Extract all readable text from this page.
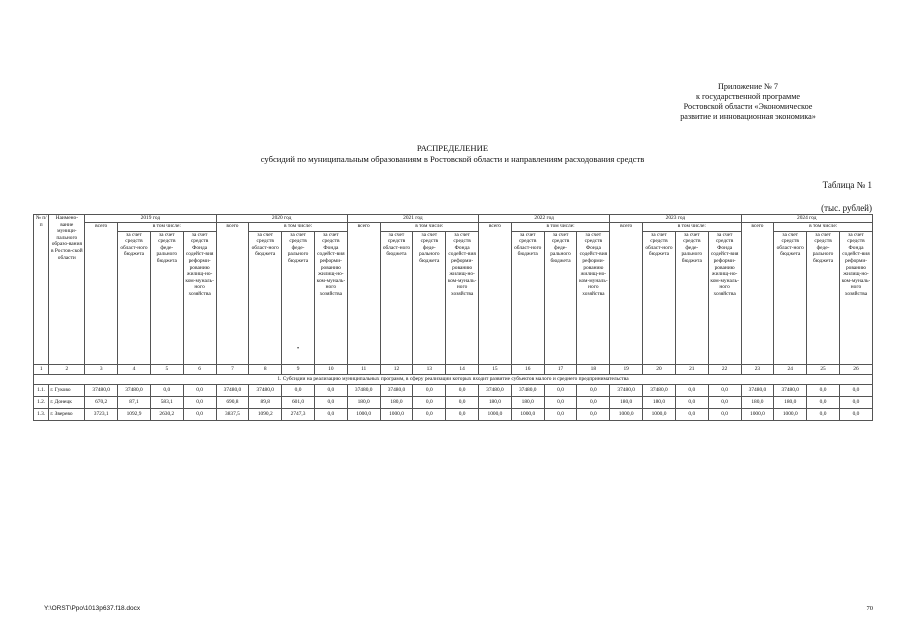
Приложение № 7
к государственной программе
Ростовской области «Экономическое
развитие и инновационная экономика»
РАСПРЕДЕЛЕНИЕ
субсидий по муниципальным образованиям в Ростовской области и направлениям расходования средств
Таблица № 1
(тыс. рублей)
№ п/п	Наимено-вание муници-пального образо-вания в Ростов-ской области	2019 год				2020 год				2021 год				2022 год				2023 год				2024 год			
		всего	в том числе:			всего	в том числе:			всего	в том числе:			всего	в том числе:			всего	в том числе:			всего	в том числе:		
			за счет средств област-ного бюджета	за счет средств феде-рального бюджета	за счет средств Фонда содейст-вия реформи-рованию жилищ-но-ком-муналь-ного хозяйства		за счет средств област-ного бюджета	за счет средств феде-рального бюджета	за счет средств Фонда содейст-вия реформи-рованию жилищ-но-ком-муналь-ного хозяйства		за счет средств област-ного бюджета	за счет средств феде-рального бюджета	за счет средств Фонда содейст-вия реформи-рованию жилищ-но-ком-муналь-ного хозяйства		за счет средств област-ного бюджета	за счет средств феде-рального бюджета	за счет средств Фонда содейст-вия реформи-рованию жилищ-но-ком-муналь-ного хозяйства		за счет средств област-ного бюджета	за счет средств феде-рального бюджета	за счет средств Фонда содейст-вия реформи-рованию жилищ-но-ком-муналь-ного хозяйства		за счет средств област-ного бюджета	за счет средств феде-рального бюджета	за счет средств Фонда содейст-вия реформи-рованию жилищ-но-ком-муналь-ного хозяйства
1	2	3	4	5	6	7	8	9	10	11	12	13	14	15	16	17	18	19	20	21	22	23	24	25	26
1. Субсидии на реализацию муниципальных программ, в сферу реализации которых входит развитие субъектов малого и среднего предпринимательства																									
1.1.	г. Гуково	37480,0	37480,0	0,0	0,0	37480,0	37480,0	0,0	0,0	37480,0	37480,0	0,0	0,0	37480,0	37480,0	0,0	0,0	37480,0	37480,0	0,0	0,0	37480,0	37480,0	0,0	0,0
1.2.	г. Донецк	670,2	87,1	583,1	0,0	690,8	89,8	601,0	0,0	180,0	180,0	0,0	0,0	180,0	180,0	0,0	0,0	180,0	180,0	0,0	0,0	180,0	180,0	0,0	0,0
1.3.	г. Зверево	3723,1	1092,9	2630,2	0,0	3837,5	1090,2	2747,3	0,0	1000,0	1000,0	0,0	0,0	1000,0	1000,0	0,0	0,0	1000,0	1000,0	0,0	0,0	1000,0	1000,0	0,0	0,0
•
Y:\ORST\Ppo\1013p637.f18.docx	70
